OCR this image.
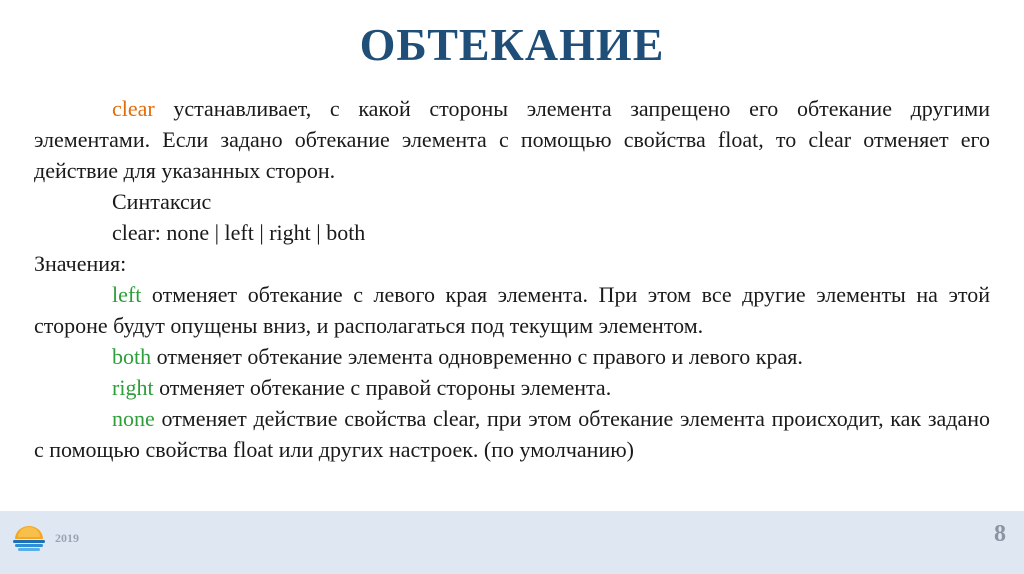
ОБТЕКАНИЕ

clear устанавливает, с какой стороны элемента запрещено его обтекание другими элементами. Если задано обтекание элемента с помощью свойства float, то clear отменяет его действие для указанных сторон.

Синтаксис

clear: none | left | right | both

Значения:

left отменяет обтекание с левого края элемента. При этом все другие элементы на этой стороне будут опущены вниз, и располагаться под текущим элементом.

both отменяет обтекание элемента одновременно с правого и левого края.

right отменяет обтекание с правой стороны элемента.

none отменяет действие свойства clear, при этом обтекание элемента происходит, как задано с помощью свойства float или других настроек. (по умолчанию)

2019	8
